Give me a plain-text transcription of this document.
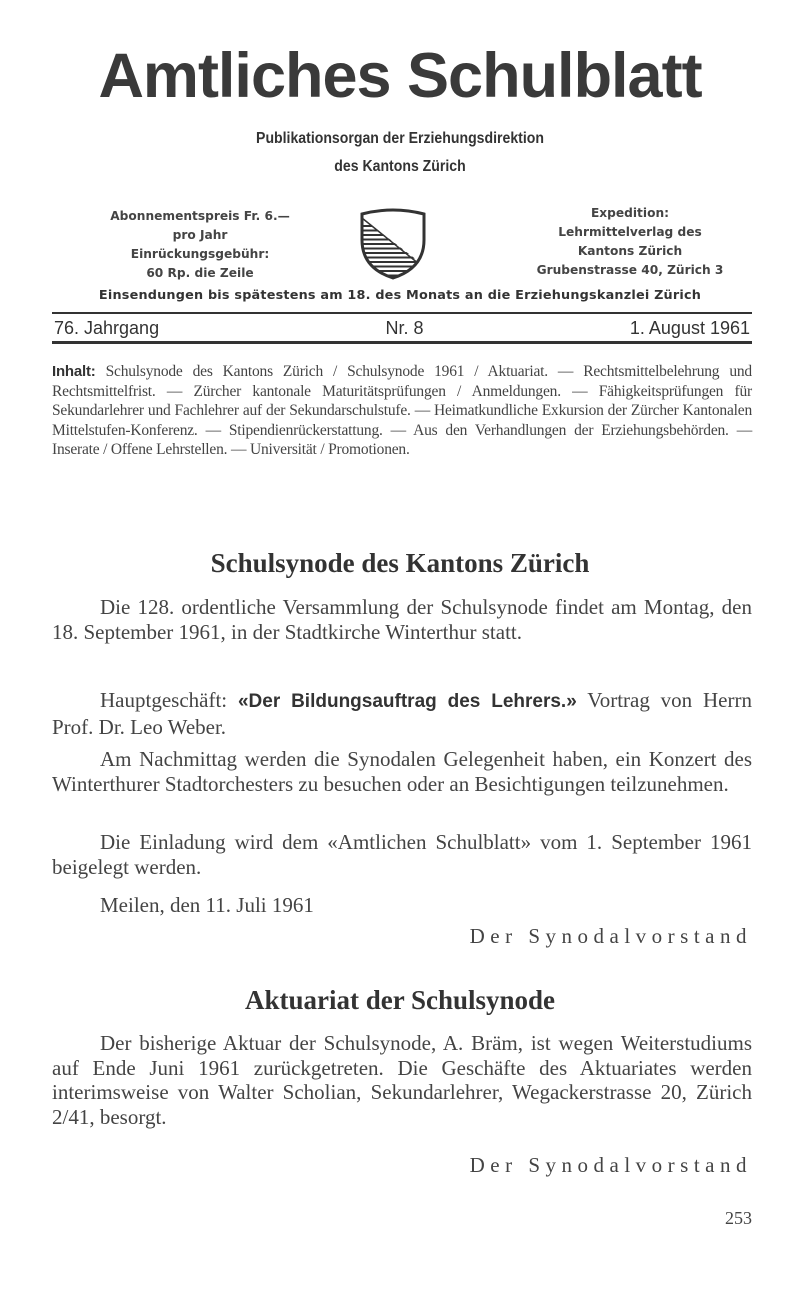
Amtliches Schulblatt
Publikationsorgan der Erziehungsdirektion
des Kantons Zürich
Abonnementspreis Fr. 6.—
pro Jahr
Einrückungsgebühr:
60 Rp. die Zeile
Expedition:
Lehrmittelverlag des
Kantons Zürich
Grubenstrasse 40, Zürich 3
Einsendungen bis spätestens am 18. des Monats an die Erziehungskanzlei Zürich
76. Jahrgang	Nr. 8	1. August 1961
Inhalt: Schulsynode des Kantons Zürich / Schulsynode 1961 / Aktuariat. — Rechtsmittelbelehrung und Rechtsmittelfrist. — Zürcher kantonale Maturitätsprüfungen / Anmeldungen. — Fähigkeitsprüfungen für Sekundarlehrer und Fachlehrer auf der Sekundarschulstufe. — Heimatkundliche Exkursion der Zürcher Kantonalen Mittelstufen-Konferenz. — Stipendienrückerstattung. — Aus den Verhandlungen der Erziehungsbehörden. — Inserate / Offene Lehrstellen. — Universität / Promotionen.
Schulsynode des Kantons Zürich
Die 128. ordentliche Versammlung der Schulsynode findet am Montag, den 18. September 1961, in der Stadtkirche Winterthur statt.
Hauptgeschäft: «Der Bildungsauftrag des Lehrers.» Vortrag von Herrn Prof. Dr. Leo Weber.
Am Nachmittag werden die Synodalen Gelegenheit haben, ein Konzert des Winterthurer Stadtorchesters zu besuchen oder an Besichtigungen teilzunehmen.
Die Einladung wird dem «Amtlichen Schulblatt» vom 1. September 1961 beigelegt werden.
Meilen, den 11. Juli 1961
Der Synodalvorstand
Aktuariat der Schulsynode
Der bisherige Aktuar der Schulsynode, A. Bräm, ist wegen Weiterstudiums auf Ende Juni 1961 zurückgetreten. Die Geschäfte des Aktuariates werden interimsweise von Walter Scholian, Sekundarlehrer, Wegackerstrasse 20, Zürich 2/41, besorgt.
Der Synodalvorstand
253
